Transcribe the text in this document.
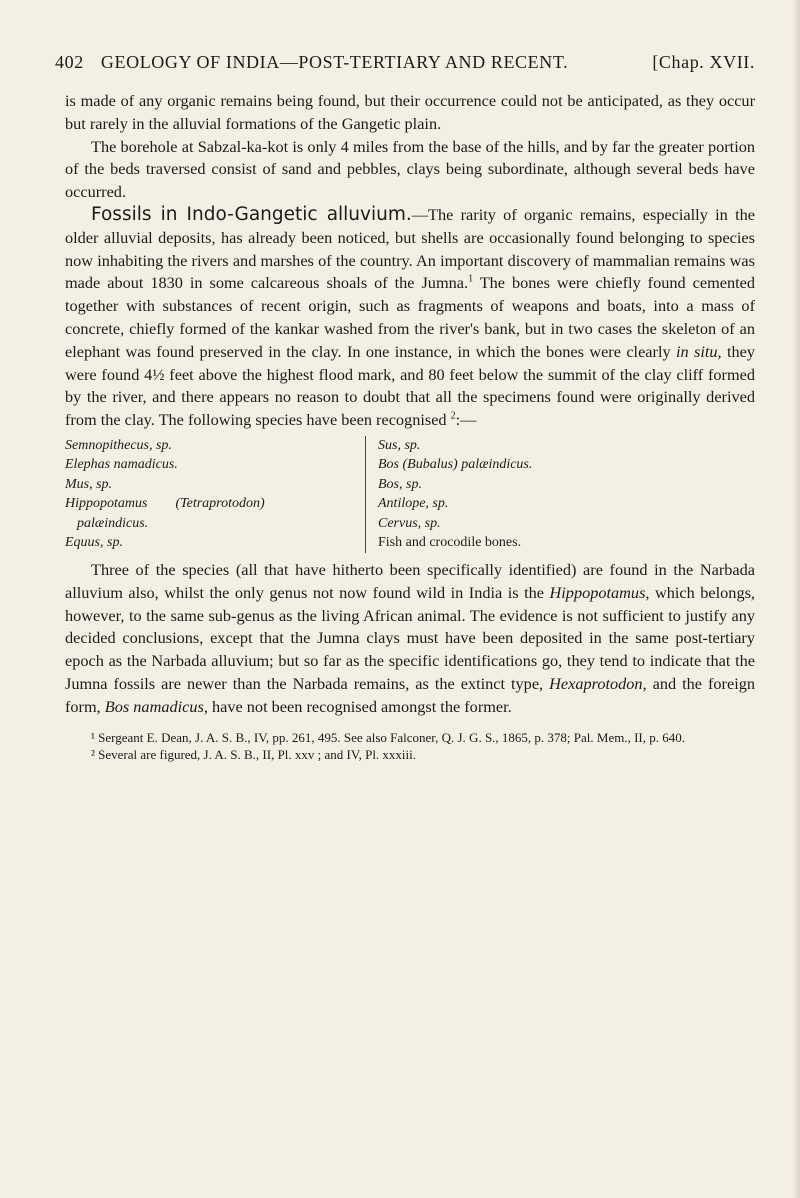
402 GEOLOGY OF INDIA—POST-TERTIARY AND RECENT.	[Chap. XVII.

is made of any organic remains being found, but their occurrence could not be anticipated, as they occur but rarely in the alluvial formations of the Gangetic plain.

The borehole at Sabzal-ka-kot is only 4 miles from the base of the hills, and by far the greater portion of the beds traversed consist of sand and pebbles, clays being subordinate, although several beds have occurred.

Fossils in Indo-Gangetic alluvium.—The rarity of organic remains, especially in the older alluvial deposits, has already been noticed, but shells are occasionally found belonging to species now inhabiting the rivers and marshes of the country. An important discovery of mammalian remains was made about 1830 in some calcareous shoals of the Jumna.$^1$ The bones were chiefly found cemented together with substances of recent origin, such as fragments of weapons and boats, into a mass of concrete, chiefly formed of the kankar washed from the river's bank, but in two cases the skeleton of an elephant was found preserved in the clay. In one instance, in which the bones were clearly in situ, they were found 4½ feet above the highest flood mark, and 80 feet below the summit of the clay cliff formed by the river, and there appears no reason to doubt that all the specimens found were originally derived from the clay. The following species have been recognised $^2$:—

Semnopithecus, sp.
Elephas namadicus.
Mus, sp.
Hippopotamus (Tetraprotodon)
palæindicus.
Equus, sp.
Sus, sp.
Bos (Bubalus) palæindicus.
Bos, sp.
Antilope, sp.
Cervus, sp.
Fish and crocodile bones.

Three of the species (all that have hitherto been specifically identified) are found in the Narbada alluvium also, whilst the only genus not now found wild in India is the Hippopotamus, which belongs, however, to the same sub-genus as the living African animal. The evidence is not sufficient to justify any decided conclusions, except that the Jumna clays must have been deposited in the same post-tertiary epoch as the Narbada alluvium; but so far as the specific identifications go, they tend to indicate that the Jumna fossils are newer than the Narbada remains, as the extinct type, Hexaprotodon, and the foreign form, Bos namadicus, have not been recognised amongst the former.

¹ Sergeant E. Dean, J. A. S. B., IV, pp. 261, 495. See also Falconer, Q. J. G. S., 1865, p. 378; Pal. Mem., II, p. 640.

² Several are figured, J. A. S. B., II, Pl. xxv ; and IV, Pl. xxxiii.
